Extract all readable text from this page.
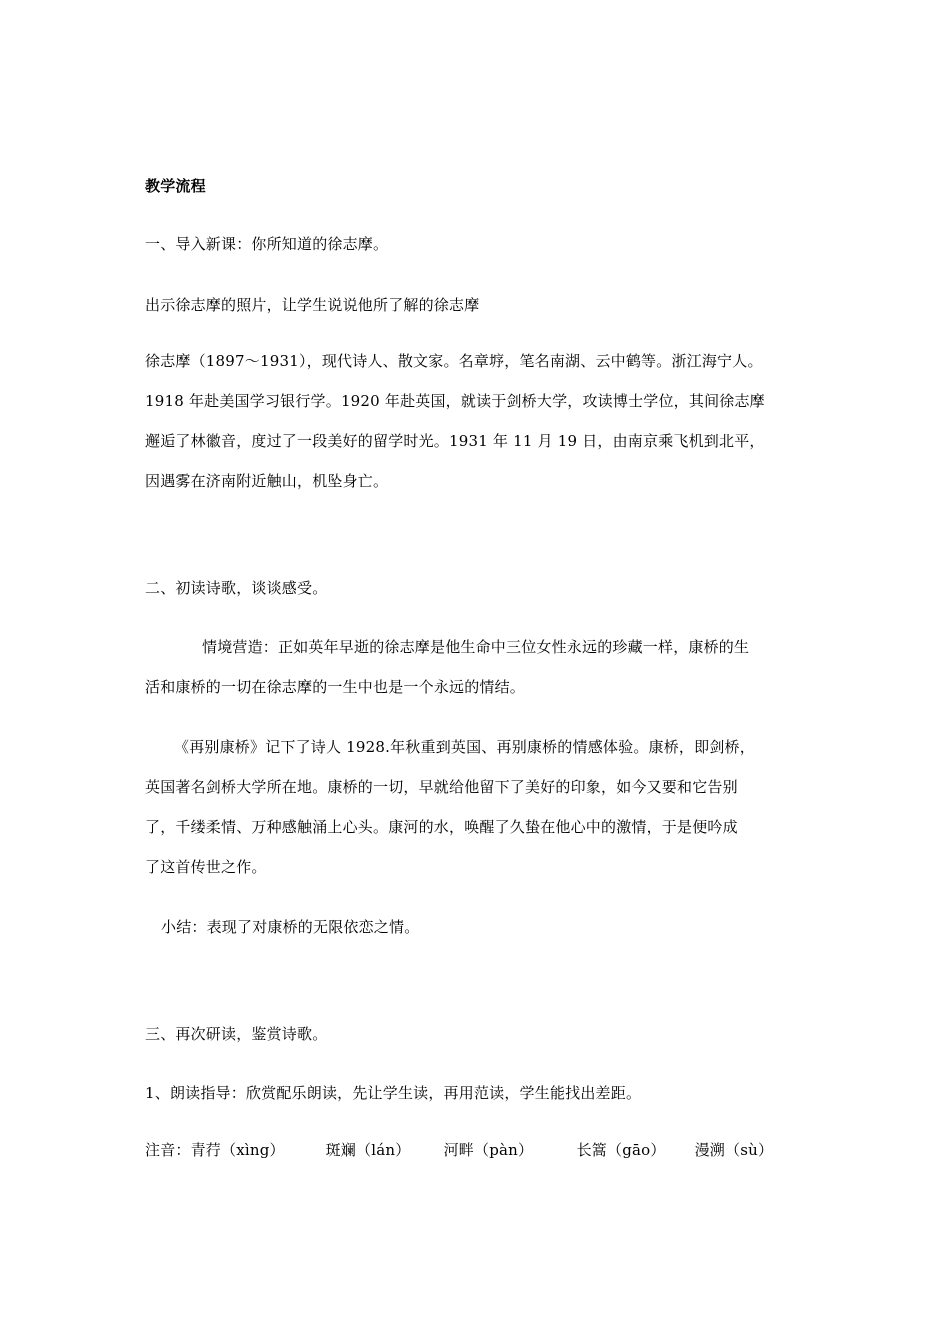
教学流程
一、导入新课：你所知道的徐志摩。
出示徐志摩的照片，让学生说说他所了解的徐志摩
徐志摩（1897～1931），现代诗人、散文家。名章垿，笔名南湖、云中鹤等。浙江海宁人。
1918 年赴美国学习银行学。1920 年赴英国，就读于剑桥大学，攻读博士学位，其间徐志摩
邂逅了林徽音，度过了一段美好的留学时光。1931 年 11 月 19 日，由南京乘飞机到北平，
因遇雾在济南附近触山，机坠身亡。
二、初读诗歌，谈谈感受。
情境营造：正如英年早逝的徐志摩是他生命中三位女性永远的珍藏一样，康桥的生
活和康桥的一切在徐志摩的一生中也是一个永远的情结。
《再别康桥》记下了诗人 1928.年秋重到英国、再别康桥的情感体验。康桥，即剑桥，
英国著名剑桥大学所在地。康桥的一切，早就给他留下了美好的印象，如今又要和它告别
了，千缕柔情、万种感触涌上心头。康河的水，唤醒了久蛰在他心中的激情，于是便吟成
了这首传世之作。
小结：表现了对康桥的无限依恋之情。
三、再次研读，鉴赏诗歌。
1、朗读指导：欣赏配乐朗读，先让学生读，再用范读，学生能找出差距。
注音：青荇（xìng）	斑斓（lán） 河畔（pàn）	长篙（gāo） 漫溯（sù）
